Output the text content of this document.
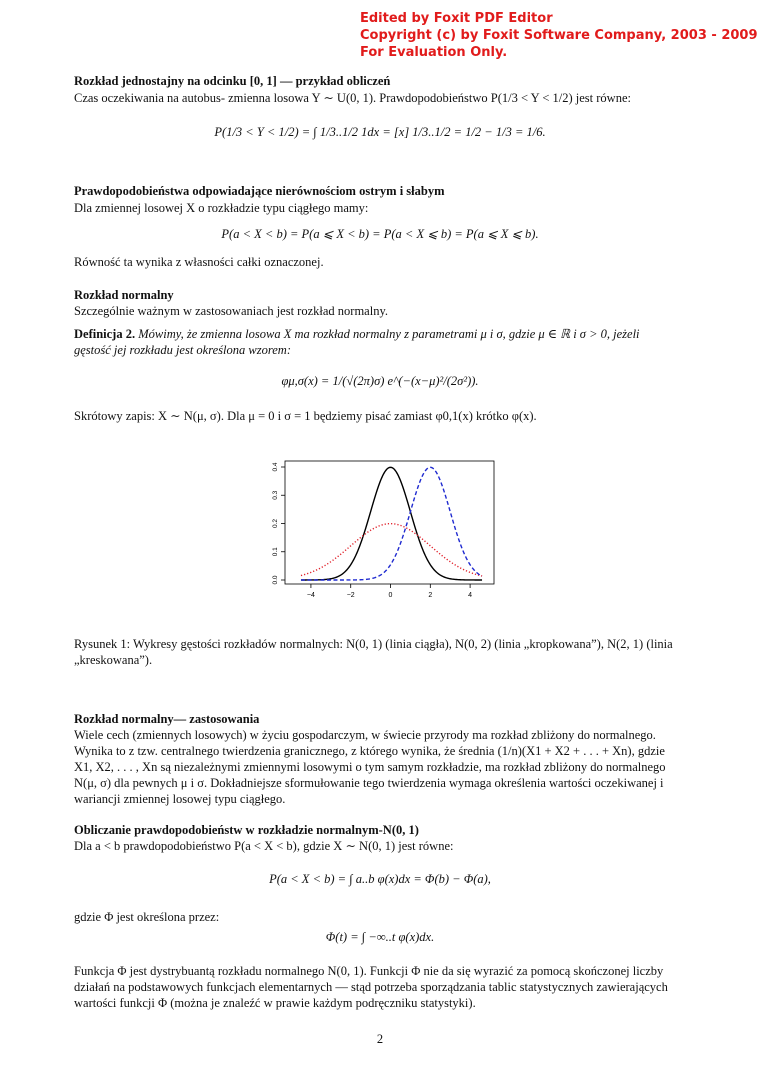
Edited by Foxit PDF Editor
Copyright (c) by Foxit Software Company, 2003 - 2009
For Evaluation Only.
Rozkład jednostajny na odcinku [0, 1] — przykład obliczeń
Czas oczekiwania na autobus- zmienna losowa Y ∼ U(0, 1). Prawdopodobieństwo P(1/3 < Y < 1/2) jest równe:
P(1/3 < Y < 1/2) = ∫ 1/3..1/2 1dx = [x] 1/3..1/2 = 1/2 − 1/3 = 1/6.
Prawdopodobieństwa odpowiadające nierównościom ostrym i słabym
Dla zmiennej losowej X o rozkładzie typu ciągłego mamy:
P(a < X < b) = P(a ⩽ X < b) = P(a < X ⩽ b) = P(a ⩽ X ⩽ b).
Równość ta wynika z własności całki oznaczonej.
Rozkład normalny
Szczególnie ważnym w zastosowaniach jest rozkład normalny.
Definicja 2. Mówimy, że zmienna losowa X ma rozkład normalny z parametrami μ i σ, gdzie μ ∈ ℝ i σ > 0, jeżeli
gęstość jej rozkładu jest określona wzorem:
φμ,σ(x) = 1/(√(2π)σ) e^(−(x−μ)²/(2σ²)).
Skrótowy zapis: X ∼ N(μ, σ). Dla μ = 0 i σ = 1 będziemy pisać zamiast φ0,1(x) krótko φ(x).
−4	−2	0	2	4
0.0
0.1
0.2
0.3
0.4
Rysunek 1: Wykresy gęstości rozkładów normalnych: N(0, 1) (linia ciągła), N(0, 2) (linia „kropkowana”), N(2, 1) (linia
„kreskowana”).
Rozkład normalny— zastosowania
Wiele cech (zmiennych losowych) w życiu gospodarczym, w świecie przyrody ma rozkład zbliżony do normalnego.
Wynika to z tzw. centralnego twierdzenia granicznego, z którego wynika, że średnia (1/n)(X1 + X2 + . . . + Xn), gdzie
X1, X2, . . . , Xn są niezależnymi zmiennymi losowymi o tym samym rozkładzie, ma rozkład zbliżony do normalnego
N(μ, σ) dla pewnych μ i σ. Dokładniejsze sformułowanie tego twierdzenia wymaga określenia wartości oczekiwanej i
wariancji zmiennej losowej typu ciągłego.
Obliczanie prawdopodobieństw w rozkładzie normalnym-N(0, 1)
Dla a < b prawdopodobieństwo P(a < X < b), gdzie X ∼ N(0, 1) jest równe:
P(a < X < b) = ∫ a..b φ(x)dx = Φ(b) − Φ(a),
gdzie Φ jest określona przez:
Φ(t) = ∫ −∞..t φ(x)dx.
Funkcja Φ jest dystrybuantą rozkładu normalnego N(0, 1). Funkcji Φ nie da się wyrazić za pomocą skończonej liczby
działań na podstawowych funkcjach elementarnych — stąd potrzeba sporządzania tablic statystycznych zawierających
wartości funkcji Φ (można je znaleźć w prawie każdym podręczniku statystyki).
2
